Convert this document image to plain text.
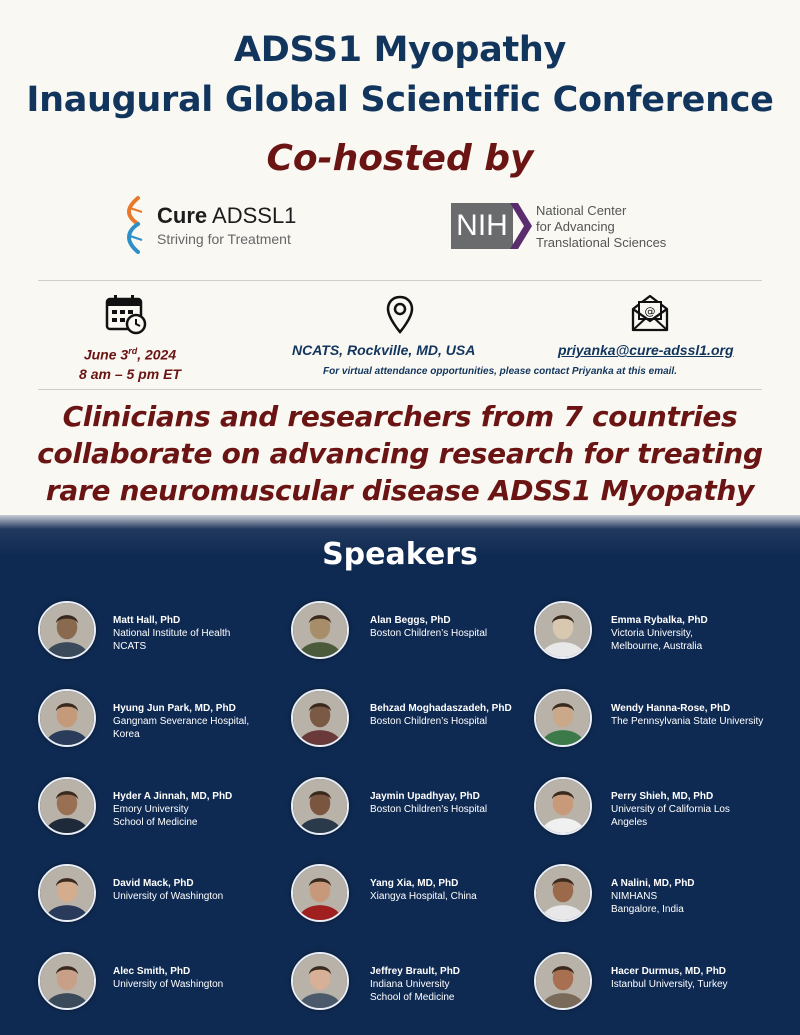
ADSS1 Myopathy
Inaugural Global Scientific Conference
Co-hosted by
Cure ADSSL1
Striving for Treatment	NIH	National Center
for Advancing
Translational Sciences
@
June 3rd, 2024
8 am – 5 pm ET
NCATS, Rockville, MD, USA	priyanka@cure-adssl1.org
For virtual attendance opportunities, please contact Priyanka at this email.
Clinicians and researchers from 7 countries
collaborate on advancing research for treating
rare neuromuscular disease ADSS1 Myopathy
Speakers
Matt Hall, PhD
National Institute of Health
NCATS
Alan Beggs, PhD
Boston Children’s Hospital
Emma Rybalka, PhD
Victoria University,
Melbourne, Australia
Hyung Jun Park, MD, PhD
Gangnam Severance Hospital,
Korea
Behzad Moghadaszadeh, PhD
Boston Children’s Hospital
Wendy Hanna-Rose, PhD
The Pennsylvania State University
Hyder A Jinnah, MD, PhD
Emory University
School of Medicine
Jaymin Upadhyay, PhD
Boston Children’s Hospital
Perry Shieh, MD, PhD
University of California Los
Angeles
David Mack, PhD
University of Washington
Yang Xia, MD, PhD
Xiangya Hospital, China
A Nalini, MD, PhD
NIMHANS
Bangalore, India
Alec Smith, PhD
University of Washington
Jeffrey Brault, PhD
Indiana University
School of Medicine
Hacer Durmus, MD, PhD
Istanbul University, Turkey
